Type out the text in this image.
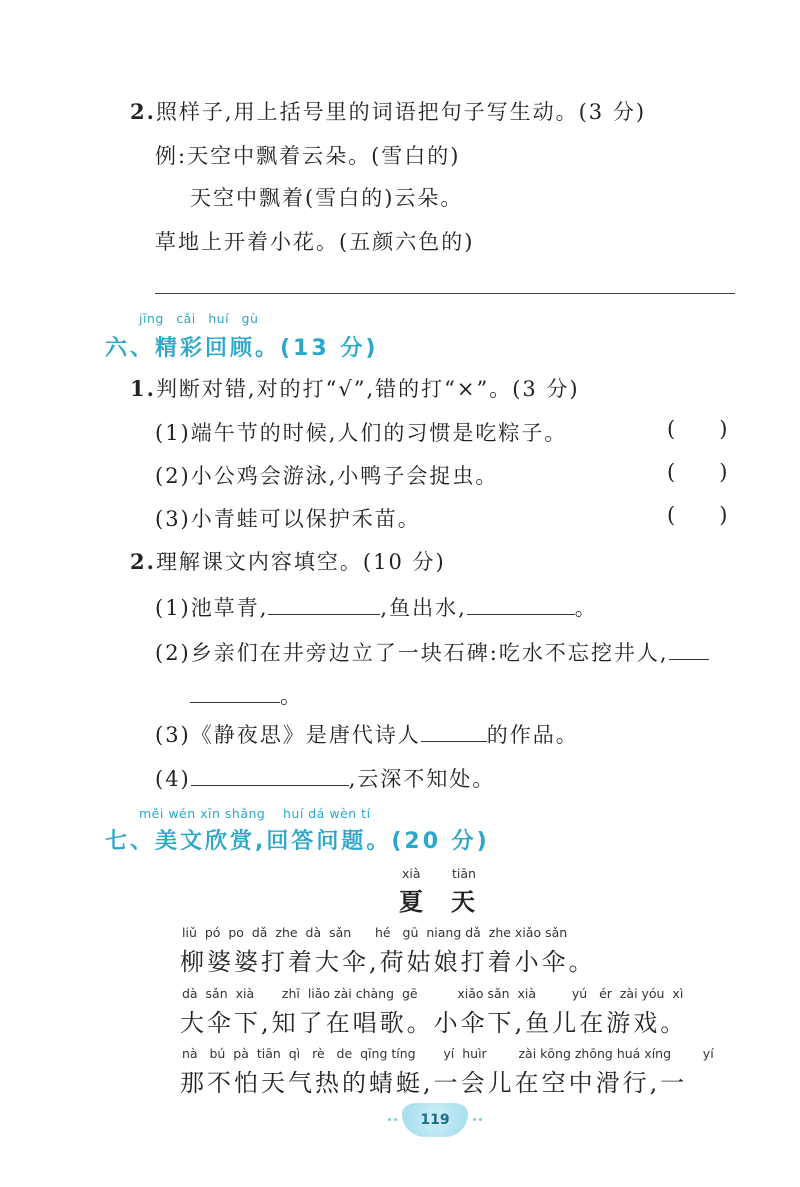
2.照样子,用上括号里的词语把句子写生动。(3 分)
例:天空中飘着云朵。(雪白的)
天空中飘着(雪白的)云朵。
草地上开着小花。(五颜六色的)
jīng cǎi huí gù
六、精彩回顾。(13 分)
1.判断对错,对的打“√”,错的打“×”。(3 分)
(1)端午节的时候,人们的习惯是吃粽子。	( )
(2)小公鸡会游泳,小鸭子会捉虫。	( )
(3)小青蛙可以保护禾苗。	( )
2.理解课文内容填空。(10 分)
(1)池草青,	,鱼出水,	。
(2)乡亲们在井旁边立了一块石碑:吃水不忘挖井人,
。
(3)《静夜思》是唐代诗人	的作品。
(4)	,云深不知处。
měi wén xīn shǎng huí dá wèn tí
七、美文欣赏,回答问题。(20 分)
xià	tiān
夏 天
liǔ  pó  po  dǎ  zhe  dà  sǎn      hé   gū  niang dǎ  zhe xiǎo sǎn
柳婆婆打着大伞,荷姑娘打着小伞。
dà  sǎn  xià       zhī  liǎo zài chàng  gē          xiǎo sǎn  xià         yú   ér  zài yóu  xì
大伞下,知了在唱歌。小伞下,鱼儿在游戏。
nà   bú  pà  tiān  qì   rè   de  qīng tíng       yí  huìr        zài kōng zhōng huá xíng        yí
那不怕天气热的蜻蜓,一会儿在空中滑行,一
119
